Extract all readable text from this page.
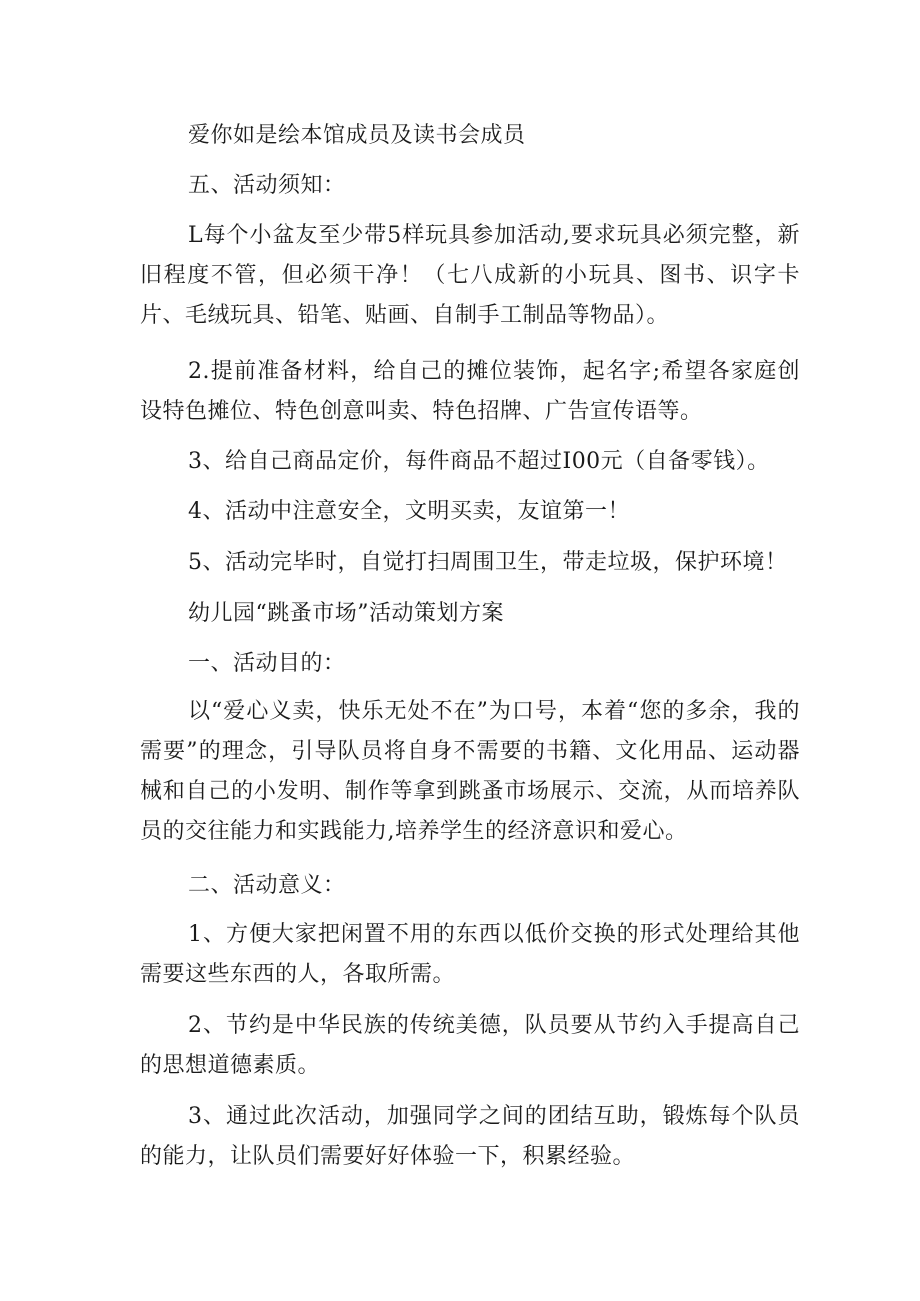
爱你如是绘本馆成员及读书会成员

五、活动须知：

L每个小盆友至少带5样玩具参加活动,要求玩具必须完整，新旧程度不管，但必须干净！（七八成新的小玩具、图书、识字卡片、毛绒玩具、铅笔、贴画、自制手工制品等物品）。

2.提前准备材料，给自己的摊位装饰，起名字;希望各家庭创设特色摊位、特色创意叫卖、特色招牌、广告宣传语等。

3、给自己商品定价，每件商品不超过I00元（自备零钱）。

4、活动中注意安全，文明买卖，友谊第一！

5、活动完毕时，自觉打扫周围卫生，带走垃圾，保护环境！

幼儿园“跳蚤市场”活动策划方案

一、活动目的：

以“爱心义卖，快乐无处不在”为口号，本着“您的多余，我的需要”的理念，引导队员将自身不需要的书籍、文化用品、运动器械和自己的小发明、制作等拿到跳蚤市场展示、交流，从而培养队员的交往能力和实践能力,培养学生的经济意识和爱心。

二、活动意义：

1、方便大家把闲置不用的东西以低价交换的形式处理给其他需要这些东西的人，各取所需。

2、节约是中华民族的传统美德，队员要从节约入手提高自己的思想道德素质。

3、通过此次活动，加强同学之间的团结互助，锻炼每个队员的能力，让队员们需要好好体验一下，积累经验。
